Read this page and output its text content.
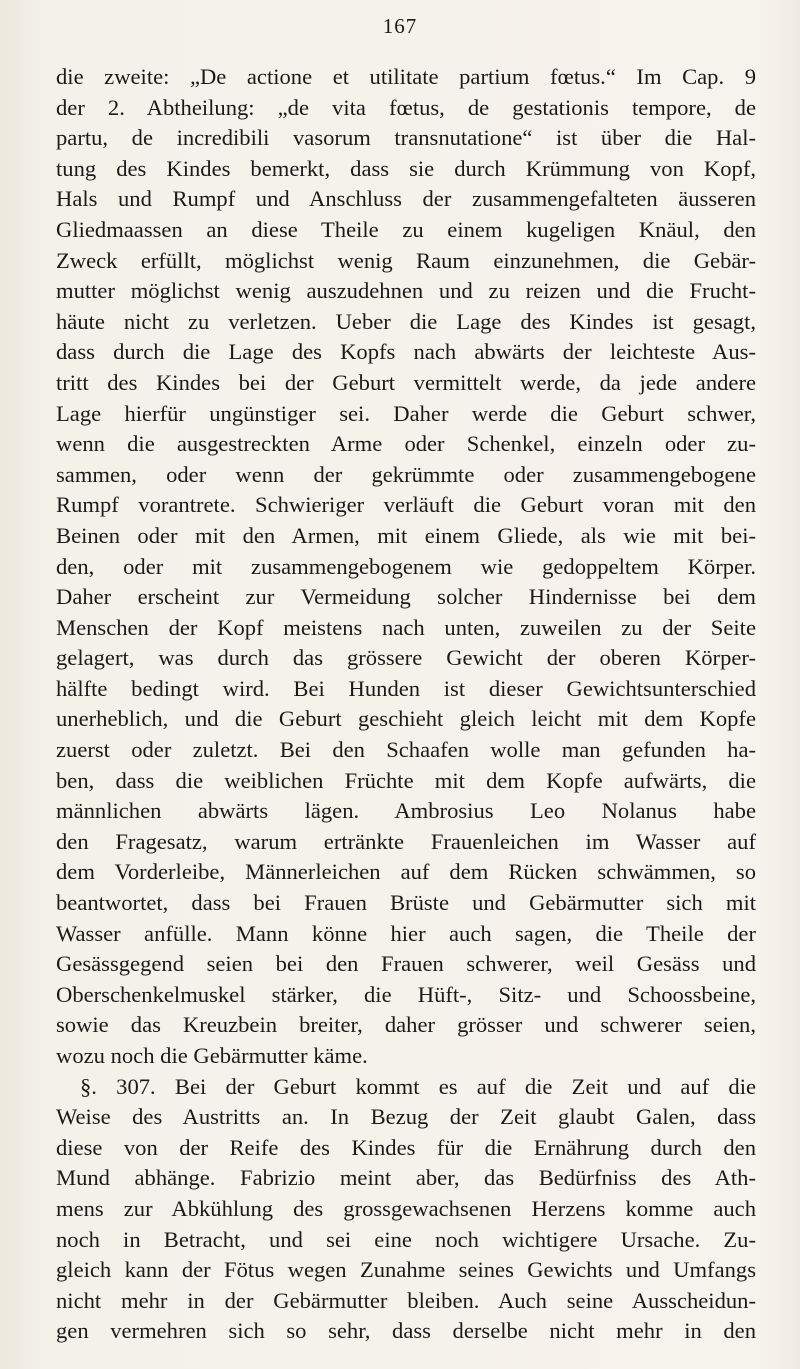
167
die zweite: „De actione et utilitate partium fœtus.“ Im Cap. 9
der 2. Abtheilung: „de vita fœtus, de gestationis tempore, de
partu, de incredibili vasorum transnutatione“ ist über die Hal-
tung des Kindes bemerkt, dass sie durch Krümmung von Kopf,
Hals und Rumpf und Anschluss der zusammengefalteten äusseren
Gliedmaassen an diese Theile zu einem kugeligen Knäul, den
Zweck erfüllt, möglichst wenig Raum einzunehmen, die Gebär-
mutter möglichst wenig auszudehnen und zu reizen und die Frucht-
häute nicht zu verletzen. Ueber die Lage des Kindes ist gesagt,
dass durch die Lage des Kopfs nach abwärts der leichteste Aus-
tritt des Kindes bei der Geburt vermittelt werde, da jede andere
Lage hierfür ungünstiger sei. Daher werde die Geburt schwer,
wenn die ausgestreckten Arme oder Schenkel, einzeln oder zu-
sammen, oder wenn der gekrümmte oder zusammengebogene
Rumpf vorantrete. Schwieriger verläuft die Geburt voran mit den
Beinen oder mit den Armen, mit einem Gliede, als wie mit bei-
den, oder mit zusammengebogenem wie gedoppeltem Körper.
Daher erscheint zur Vermeidung solcher Hindernisse bei dem
Menschen der Kopf meistens nach unten, zuweilen zu der Seite
gelagert, was durch das grössere Gewicht der oberen Körper-
hälfte bedingt wird. Bei Hunden ist dieser Gewichtsunterschied
unerheblich, und die Geburt geschieht gleich leicht mit dem Kopfe
zuerst oder zuletzt. Bei den Schaafen wolle man gefunden ha-
ben, dass die weiblichen Früchte mit dem Kopfe aufwärts, die
männlichen abwärts lägen. Ambrosius Leo Nolanus habe
den Fragesatz, warum ertränkte Frauenleichen im Wasser auf
dem Vorderleibe, Männerleichen auf dem Rücken schwämmen, so
beantwortet, dass bei Frauen Brüste und Gebärmutter sich mit
Wasser anfülle. Mann könne hier auch sagen, die Theile der
Gesässgegend seien bei den Frauen schwerer, weil Gesäss und
Oberschenkelmuskel stärker, die Hüft-, Sitz- und Schoossbeine,
sowie das Kreuzbein breiter, daher grösser und schwerer seien,
wozu noch die Gebärmutter käme.
§. 307. Bei der Geburt kommt es auf die Zeit und auf die
Weise des Austritts an. In Bezug der Zeit glaubt Galen, dass
diese von der Reife des Kindes für die Ernährung durch den
Mund abhänge. Fabrizio meint aber, das Bedürfniss des Ath-
mens zur Abkühlung des grossgewachsenen Herzens komme auch
noch in Betracht, und sei eine noch wichtigere Ursache. Zu-
gleich kann der Fötus wegen Zunahme seines Gewichts und Umfangs
nicht mehr in der Gebärmutter bleiben. Auch seine Ausscheidun-
gen vermehren sich so sehr, dass derselbe nicht mehr in den
